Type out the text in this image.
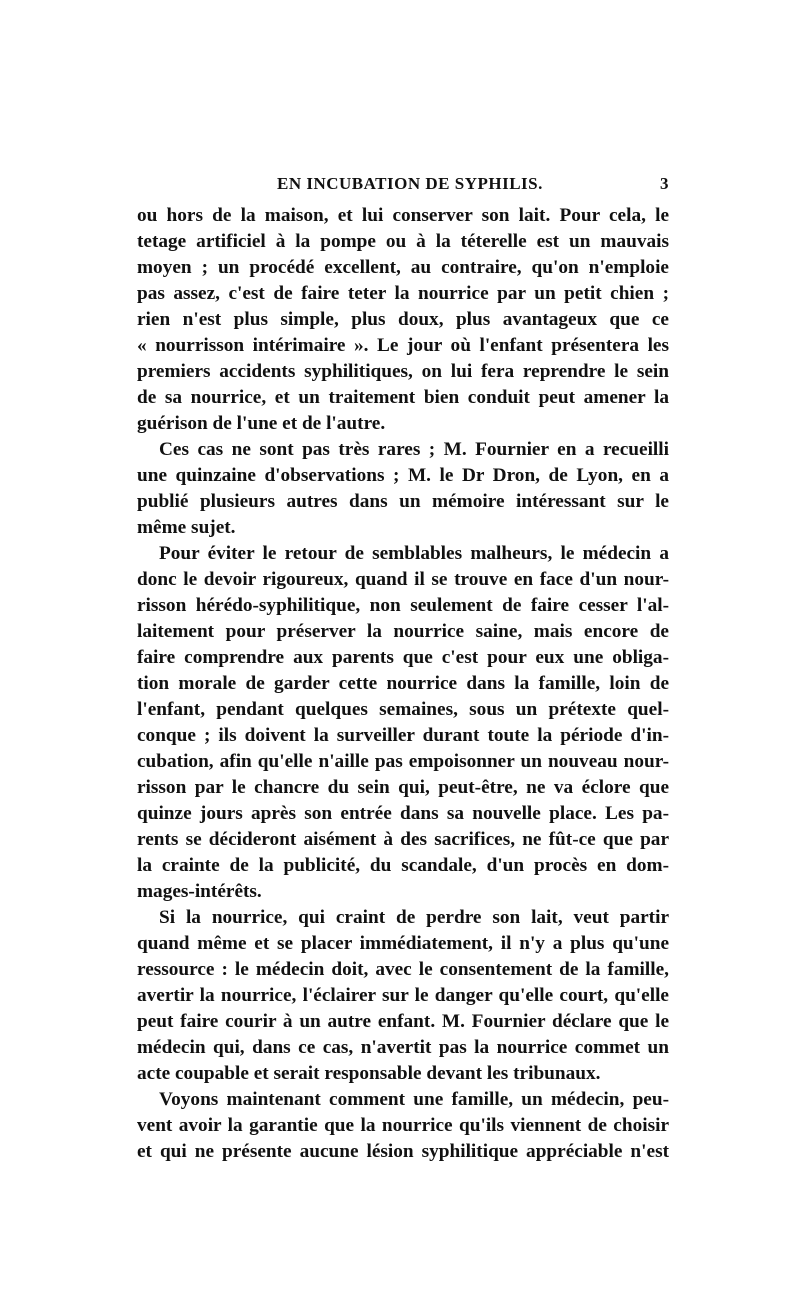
EN INCUBATION DE SYPHILIS.	3
ou hors de la maison, et lui conserver son lait. Pour cela, le
tetage artificiel à la pompe ou à la téterelle est un mauvais
moyen ; un procédé excellent, au contraire, qu'on n'emploie
pas assez, c'est de faire teter la nourrice par un petit chien ;
rien n'est plus simple, plus doux, plus avantageux que ce
« nourrisson intérimaire ». Le jour où l'enfant présentera les
premiers accidents syphilitiques, on lui fera reprendre le sein
de sa nourrice, et un traitement bien conduit peut amener la
guérison de l'une et de l'autre.
Ces cas ne sont pas très rares ; M. Fournier en a recueilli
une quinzaine d'observations ; M. le Dr Dron, de Lyon, en a
publié plusieurs autres dans un mémoire intéressant sur le
même sujet.
Pour éviter le retour de semblables malheurs, le médecin a
donc le devoir rigoureux, quand il se trouve en face d'un nour-
risson hérédo-syphilitique, non seulement de faire cesser l'al-
laitement pour préserver la nourrice saine, mais encore de
faire comprendre aux parents que c'est pour eux une obliga-
tion morale de garder cette nourrice dans la famille, loin de
l'enfant, pendant quelques semaines, sous un prétexte quel-
conque ; ils doivent la surveiller durant toute la période d'in-
cubation, afin qu'elle n'aille pas empoisonner un nouveau nour-
risson par le chancre du sein qui, peut-être, ne va éclore que
quinze jours après son entrée dans sa nouvelle place. Les pa-
rents se décideront aisément à des sacrifices, ne fût-ce que par
la crainte de la publicité, du scandale, d'un procès en dom-
mages-intérêts.
Si la nourrice, qui craint de perdre son lait, veut partir
quand même et se placer immédiatement, il n'y a plus qu'une
ressource : le médecin doit, avec le consentement de la famille,
avertir la nourrice, l'éclairer sur le danger qu'elle court, qu'elle
peut faire courir à un autre enfant. M. Fournier déclare que le
médecin qui, dans ce cas, n'avertit pas la nourrice commet un
acte coupable et serait responsable devant les tribunaux.
Voyons maintenant comment une famille, un médecin, peu-
vent avoir la garantie que la nourrice qu'ils viennent de choisir
et qui ne présente aucune lésion syphilitique appréciable n'est
